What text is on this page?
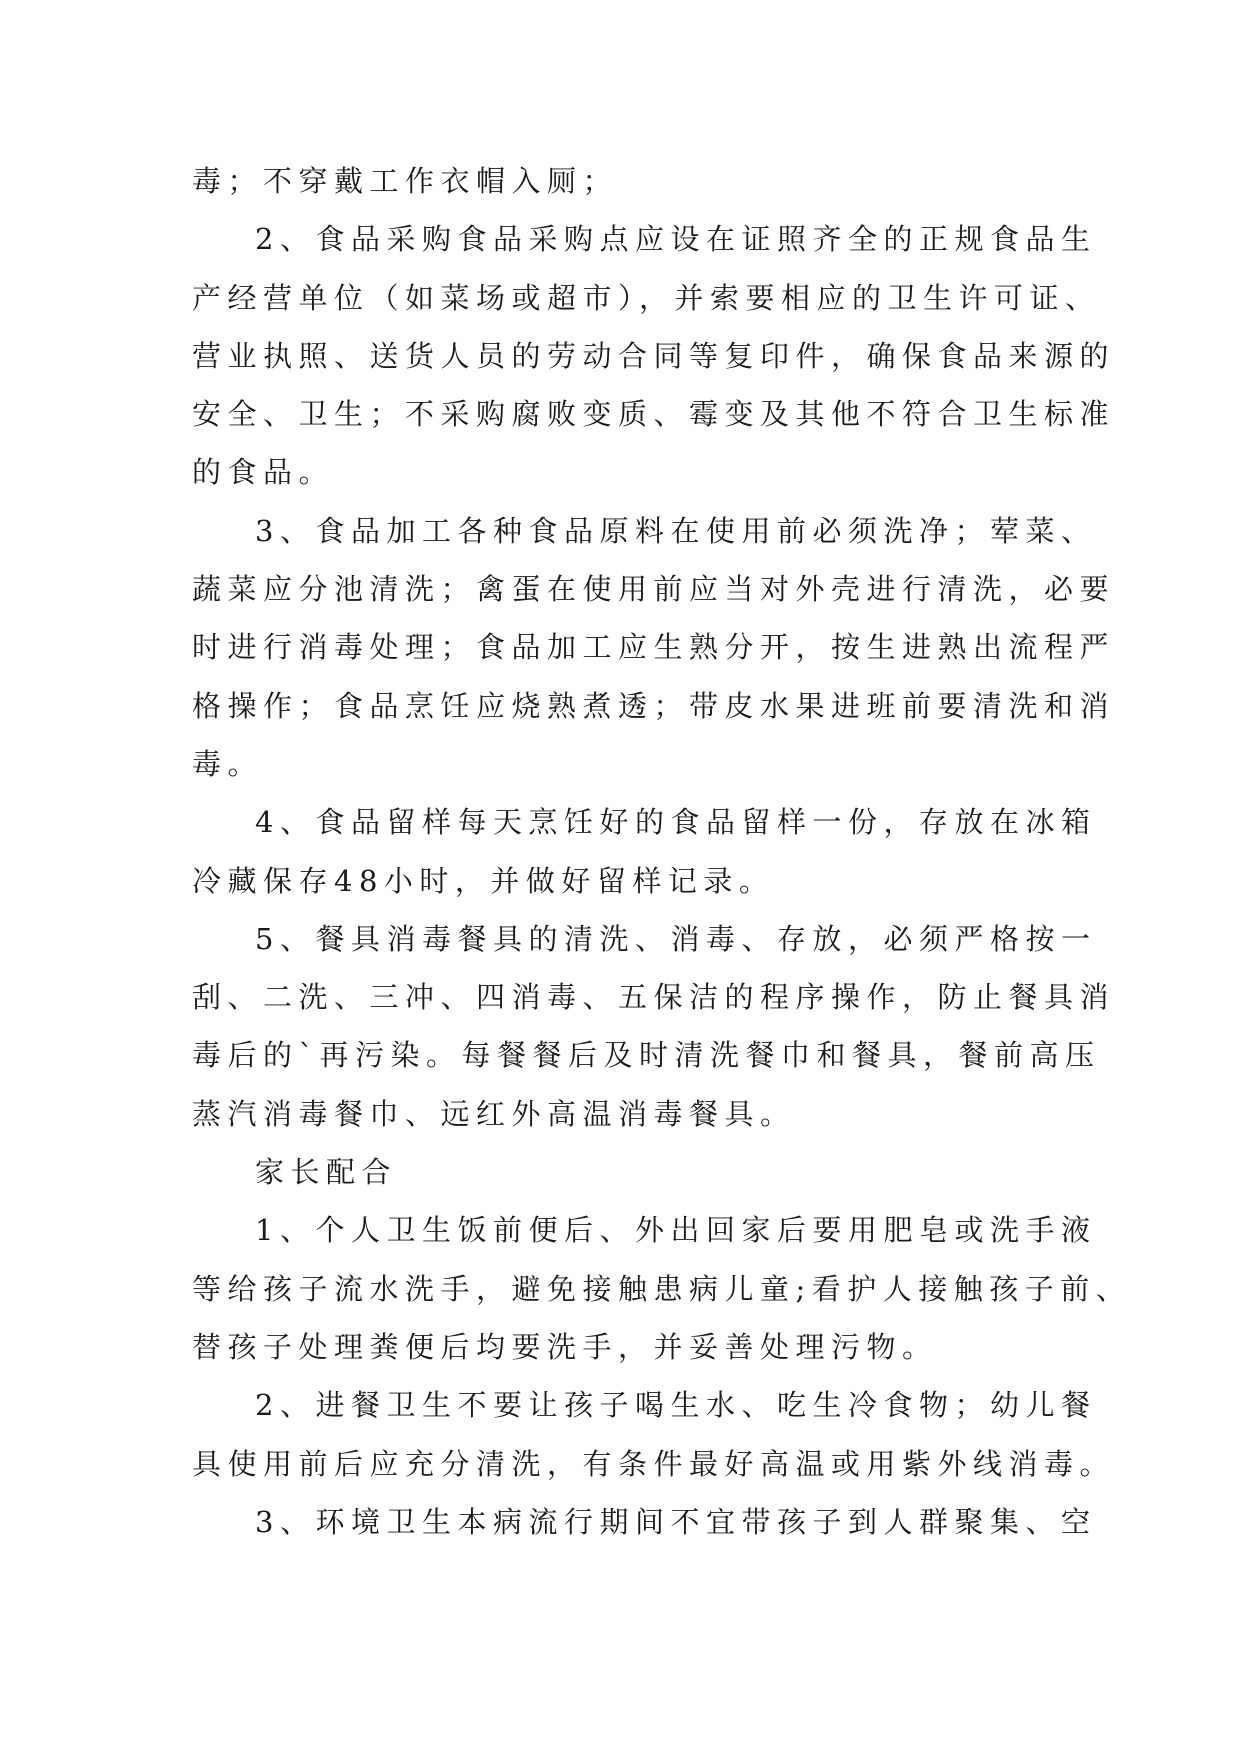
毒；不穿戴工作衣帽入厕；
2、食品采购食品采购点应设在证照齐全的正规食品生
产经营单位（如菜场或超市），并索要相应的卫生许可证、
营业执照、送货人员的劳动合同等复印件，确保食品来源的
安全、卫生；不采购腐败变质、霉变及其他不符合卫生标准
的食品。
3、食品加工各种食品原料在使用前必须洗净；荤菜、
蔬菜应分池清洗；禽蛋在使用前应当对外壳进行清洗，必要
时进行消毒处理；食品加工应生熟分开，按生进熟出流程严
格操作；食品烹饪应烧熟煮透；带皮水果进班前要清洗和消
毒。
4、食品留样每天烹饪好的食品留样一份，存放在冰箱
冷藏保存48小时，并做好留样记录。
5、餐具消毒餐具的清洗、消毒、存放，必须严格按一
刮、二洗、三冲、四消毒、五保洁的程序操作，防止餐具消
毒后的`再污染。每餐餐后及时清洗餐巾和餐具，餐前高压
蒸汽消毒餐巾、远红外高温消毒餐具。
家长配合
1、个人卫生饭前便后、外出回家后要用肥皂或洗手液
等给孩子流水洗手，避免接触患病儿童;看护人接触孩子前、
替孩子处理粪便后均要洗手，并妥善处理污物。
2、进餐卫生不要让孩子喝生水、吃生冷食物；幼儿餐
具使用前后应充分清洗，有条件最好高温或用紫外线消毒。
3、环境卫生本病流行期间不宜带孩子到人群聚集、空
